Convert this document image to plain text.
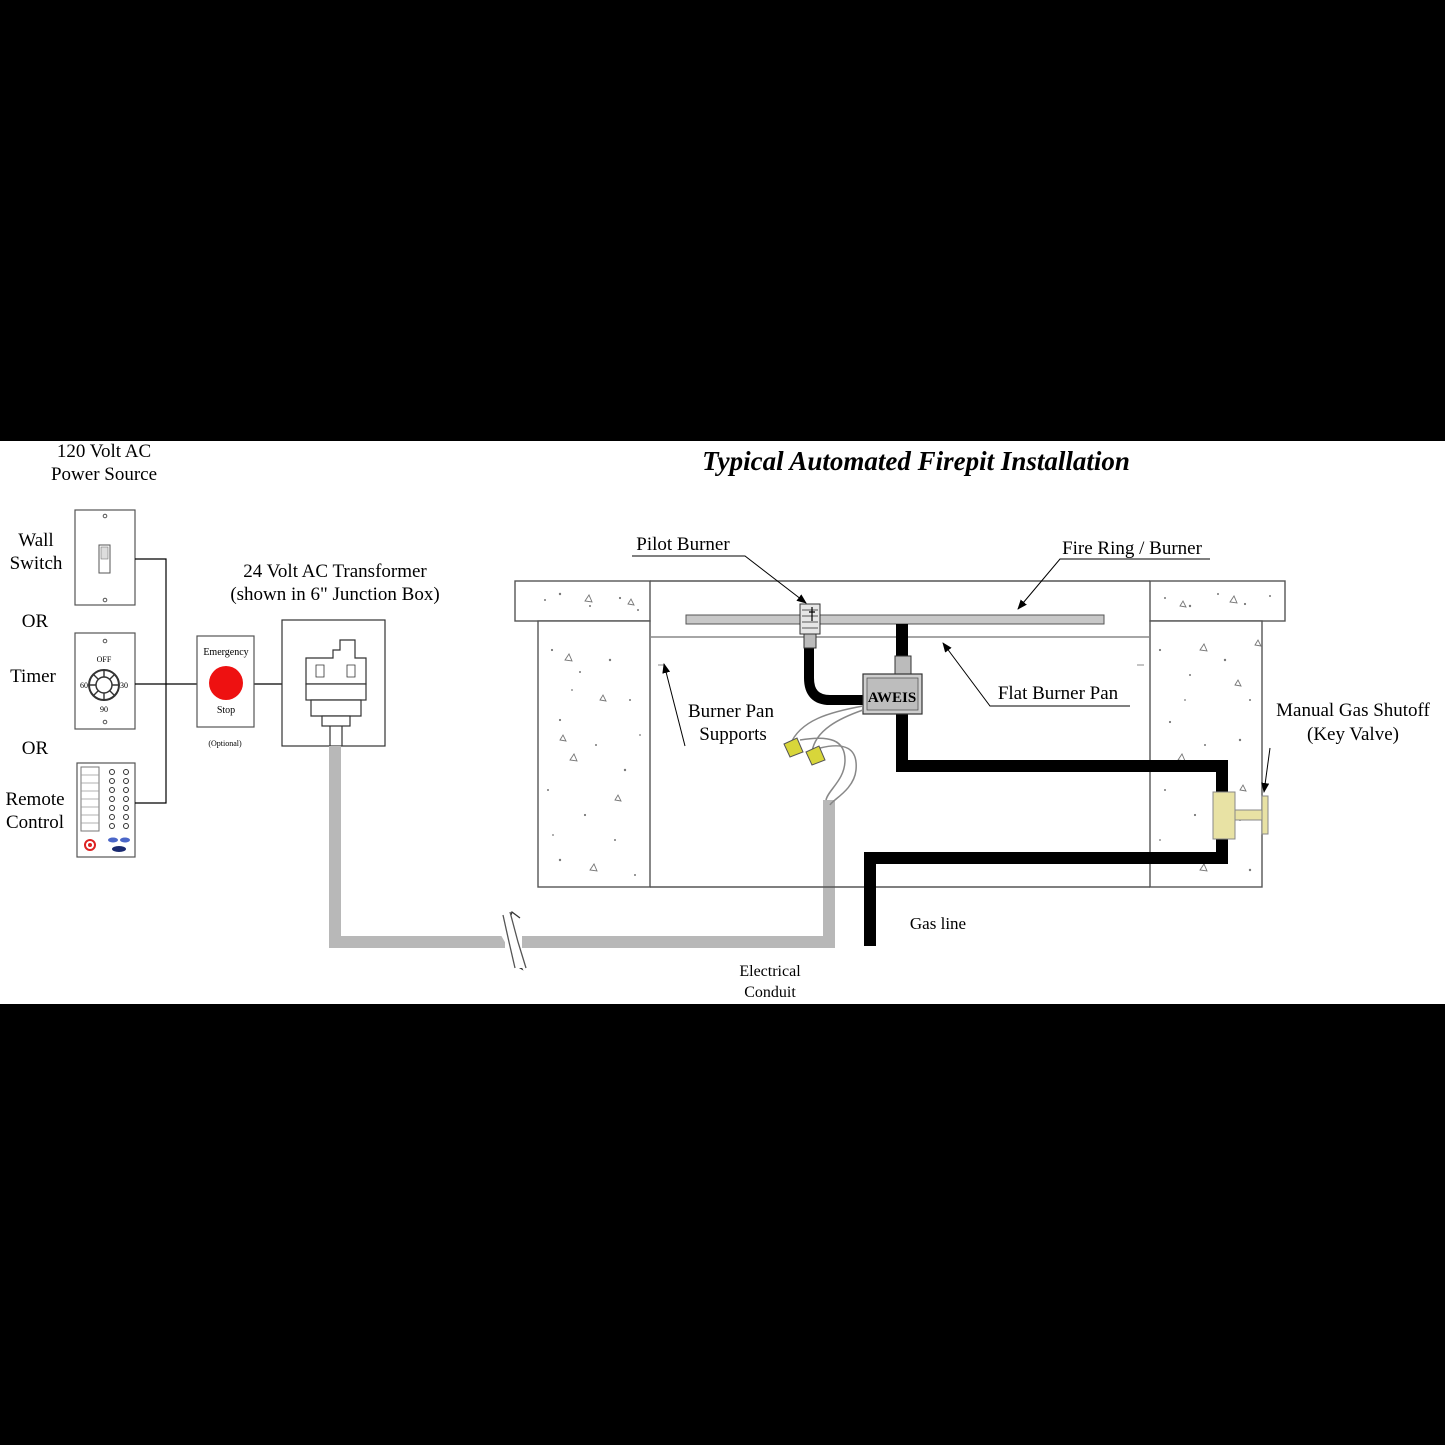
Typical Automated Firepit Installation
120 Volt AC
Power Source
Wall
Switch
OR
Timer
OFF
60	30
90
OR
Remote
Control
Emergency
Stop
(Optional)
24 Volt AC Transformer
(shown in 6" Junction Box)
Electrical
Conduit
AWEIS
Pilot Burner	Fire Ring / Burner
Flat Burner Pan
Burner Pan
Supports
Manual Gas Shutoff
(Key Valve)
Gas line
